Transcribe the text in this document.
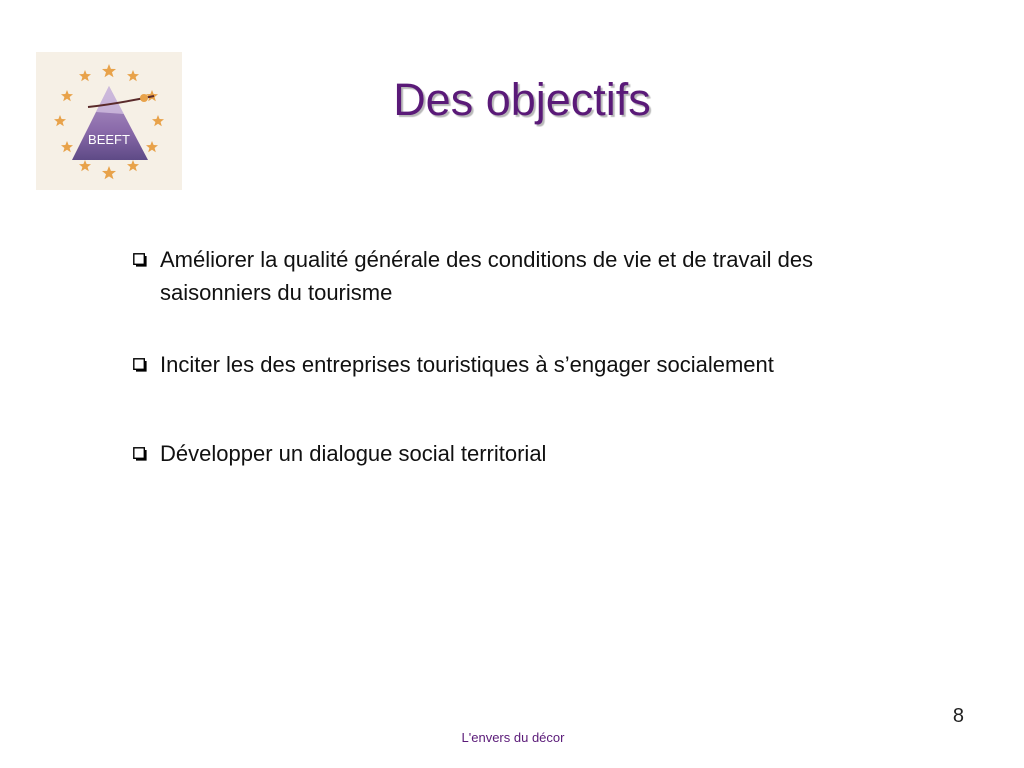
BEEFT
Des objectifs
Améliorer la qualité générale des conditions de vie et de travail des saisonniers du tourisme
Inciter les des entreprises touristiques à s’engager socialement
Développer un dialogue social territorial
8
L'envers du décor
